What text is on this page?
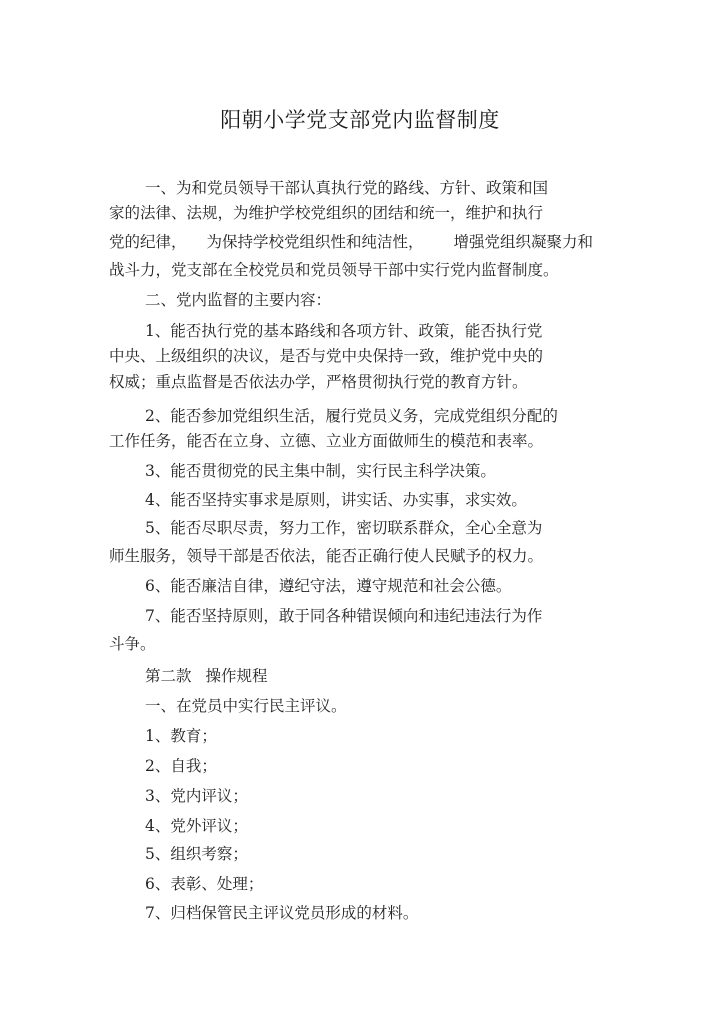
阳朝小学党支部党内监督制度
一、为和党员领导干部认真执行党的路线、方针、政策和国
家的法律、法规，为维护学校党组织的团结和统一，维护和执行
党的纪律， 为保持学校党组织性和纯洁性， 增强党组织凝聚力和
战斗力，党支部在全校党员和党员领导干部中实行党内监督制度。
二、党内监督的主要内容：
1、能否执行党的基本路线和各项方针、政策，能否执行党
中央、上级组织的决议，是否与党中央保持一致，维护党中央的
权威；重点监督是否依法办学，严格贯彻执行党的教育方针。
2、能否参加党组织生活，履行党员义务，完成党组织分配的
工作任务，能否在立身、立德、立业方面做师生的模范和表率。
3、能否贯彻党的民主集中制，实行民主科学决策。
4、能否坚持实事求是原则，讲实话、办实事，求实效。
5、能否尽职尽责，努力工作，密切联系群众，全心全意为
师生服务，领导干部是否依法，能否正确行使人民赋予的权力。
6、能否廉洁自律，遵纪守法，遵守规范和社会公德。
7、能否坚持原则，敢于同各种错误倾向和违纪违法行为作
斗争。
第二款 操作规程
一、在党员中实行民主评议。
1、教育；
2、自我；
3、党内评议；
4、党外评议；
5、组织考察；
6、表彰、处理；
7、归档保管民主评议党员形成的材料。
